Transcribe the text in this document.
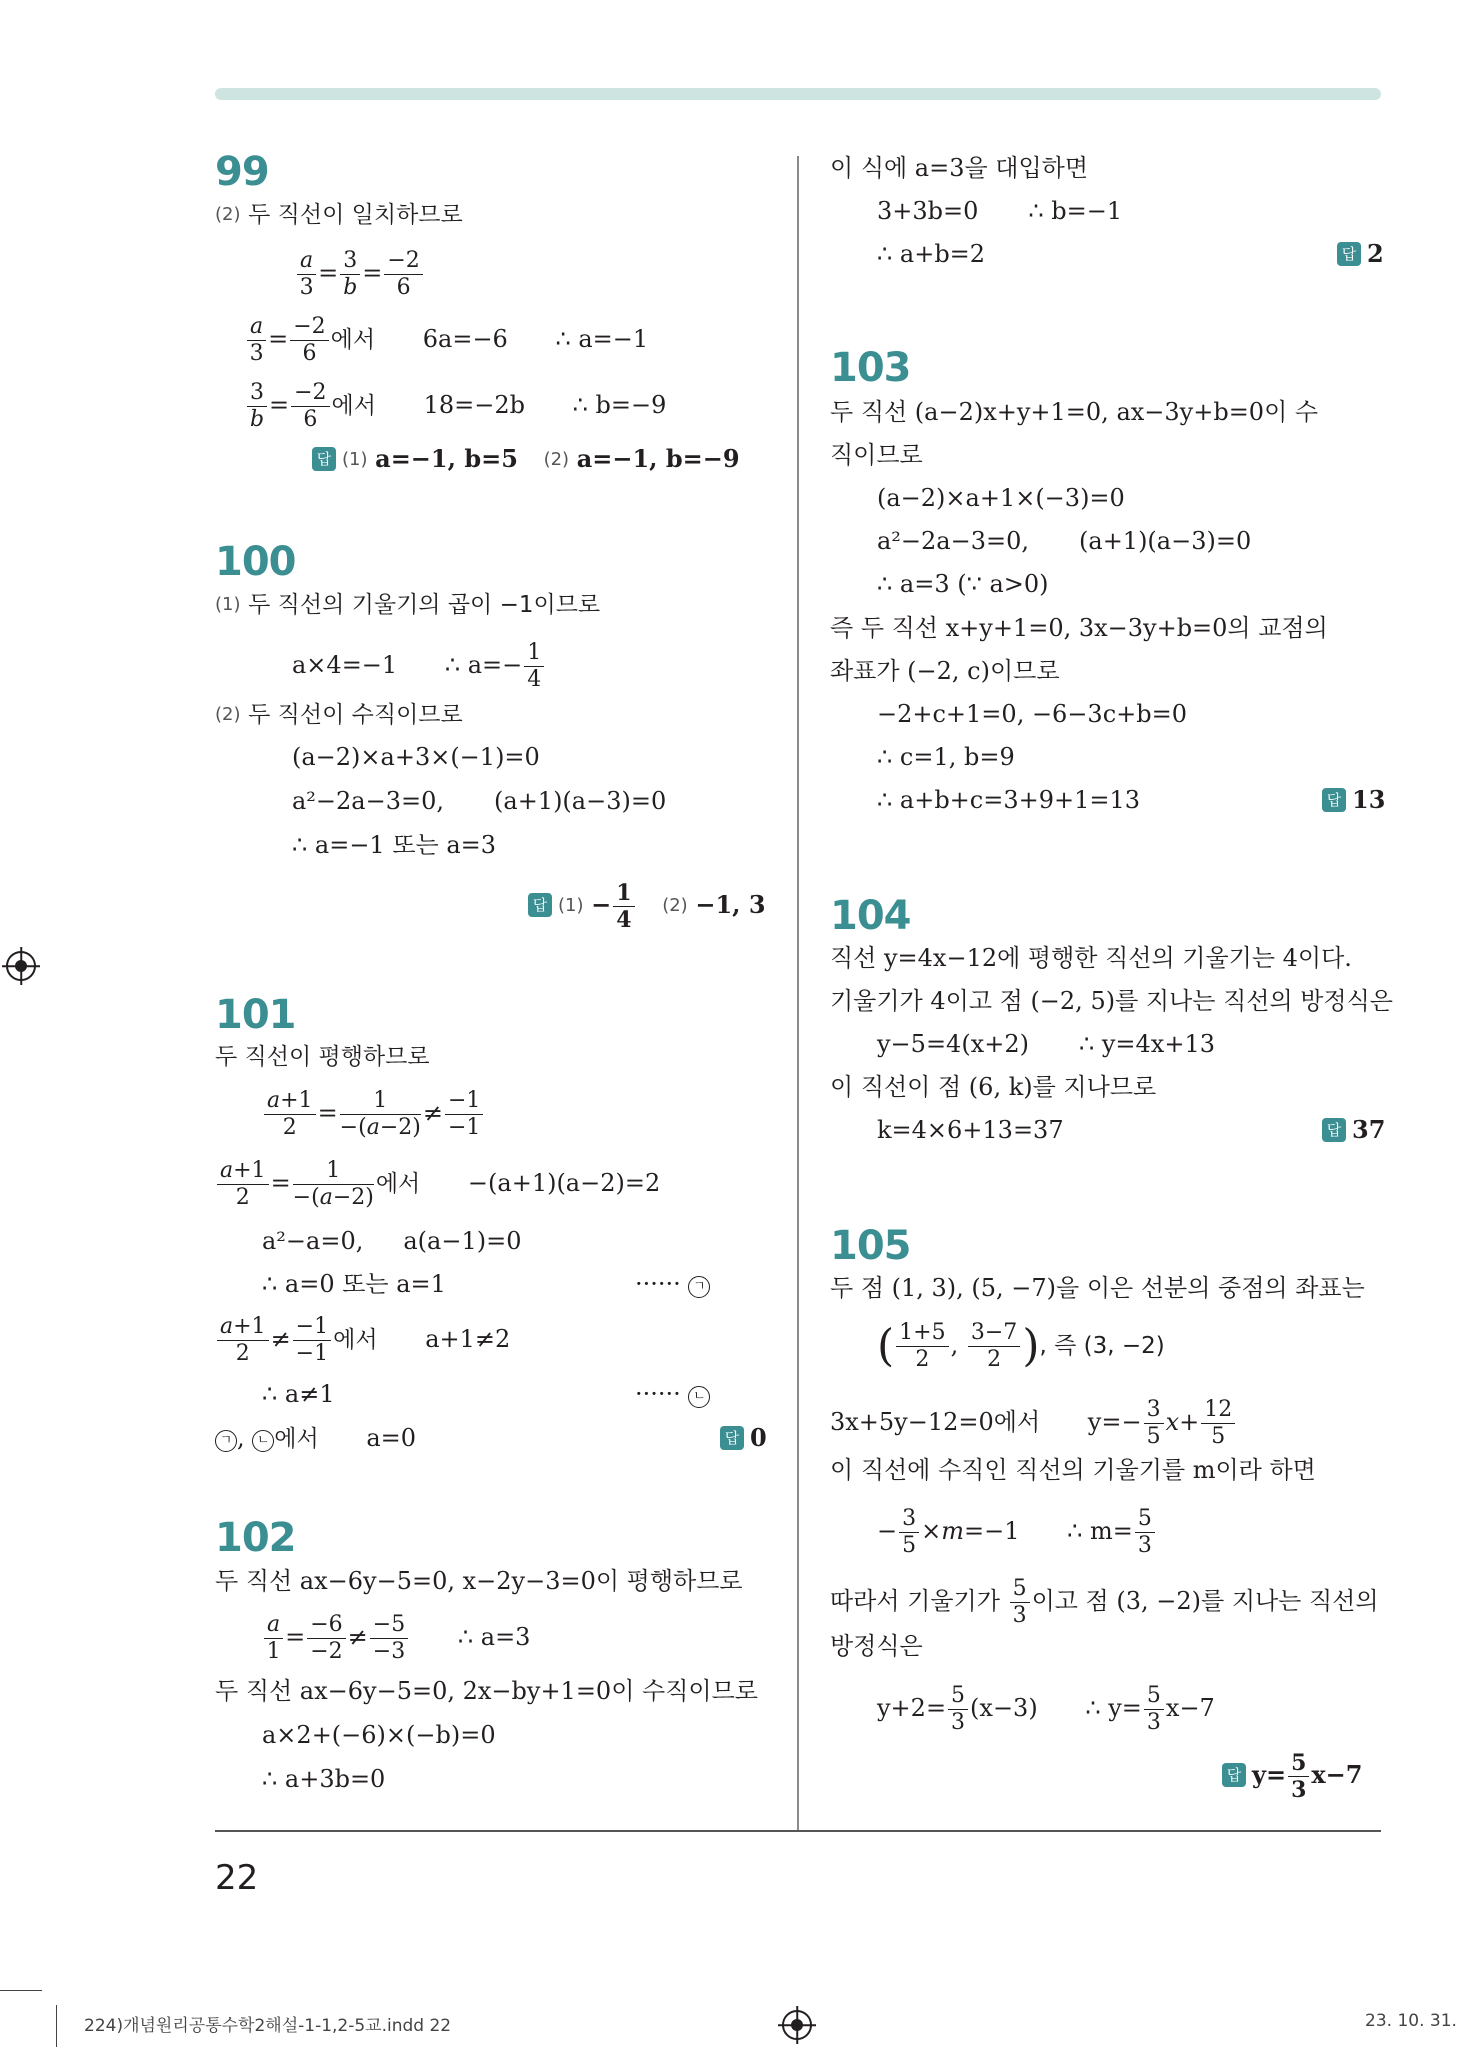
99
(2) 두 직선이 일치하므로
$\frac{a}{3} = \frac{3}{b} = \frac{-2}{6}$
$\frac{a}{3} = \frac{-2}{6}$ 에서 6a=−6 ∴ a=−1
$\frac{3}{b} = \frac{-2}{6}$ 에서 18=−2b ∴ b=−9
답 (1) a=−1, b=5 (2) a=−1, b=−9
100
(1) 두 직선의 기울기의 곱이 −1이므로
a×4=−1 ∴ $a=- \frac{1}{4}$
(2) 두 직선이 수직이므로
(a−2)×a+3×(−1)=0
a²−2a−3=0, (a+1)(a−3)=0
∴ a=−1 또는 a=3
답 $(1) - \frac{1}{4} (2) -1$, 3
101
두 직선이 평행하므로
$\frac{a+1}{2} = \frac{1}{-(a-2)} \ne \frac{-1}{-1}$
$\frac{a+1}{2} = \frac{1}{-(a-2)}$ 에서 −(a+1)(a−2)=2
a²−a=0, a(a−1)=0
∴ a=0 또는 a=1	······ ㄱ
$\frac{a+1}{2} \ne \frac{-1}{-1}$ 에서 a+1≠2
∴ a≠1	······ ㄴ
ㄱ , ㄴ 에서 a=0	답 0
102
두 직선 ax−6y−5=0, x−2y−3=0이 평행하므로
$\frac{a}{1} = \frac{-6}{-2} \ne \frac{-5}{-3}$ ∴ a=3
두 직선 ax−6y−5=0, 2x−by+1=0이 수직이므로
a×2+(−6)×(−b)=0
∴ a+3b=0
이 식에 a=3을 대입하면
3+3b=0 ∴ b=−1
∴ a+b=2	답 2
103
두 직선 (a−2)x+y+1=0, ax−3y+b=0이 수
직이므로
(a−2)×a+1×(−3)=0
a²−2a−3=0, (a+1)(a−3)=0
∴ a=3 (∵ a>0)
즉 두 직선 x+y+1=0, 3x−3y+b=0의 교점의
좌표가 (−2, c)이므로
−2+c+1=0, −6−3c+b=0
∴ c=1, b=9
∴ a+b+c=3+9+1=13	답 13
104
직선 y=4x−12에 평행한 직선의 기울기는 4이다.
기울기가 4이고 점 (−2, 5)를 지나는 직선의 방정식은
y−5=4(x+2) ∴ y=4x+13
이 직선이 점 (6, k)를 지나므로
k=4×6+13=37	답 37
105
두 점 (1, 3), (5, −7)을 이은 선분의 중점의 좌표는
( $\frac{1+5}{2}$ , $\frac{3-7}{2}$ ), 즉 (3, −2)
3x+5y−12=0에서 $y=- \frac{3}{5} x+ \frac{12}{5}$
이 직선에 수직인 직선의 기울기를 m이라 하면
− $\frac{3}{5} \times m=-1$ ∴ $m= \frac{5}{3}$
따라서 기울기가 $\frac{5}{3}$ 이고 점 (3, −2)를 지나는 직선의
방정식은
$y+2= \frac{5}{3} (x-3)$ ∴ $y= \frac{5}{3} x-7$
답 $y= \frac{5}{3} x-7$
22
224)개념원리공통수학2해설-1-1,2-5교.indd 22	23. 10. 31.
